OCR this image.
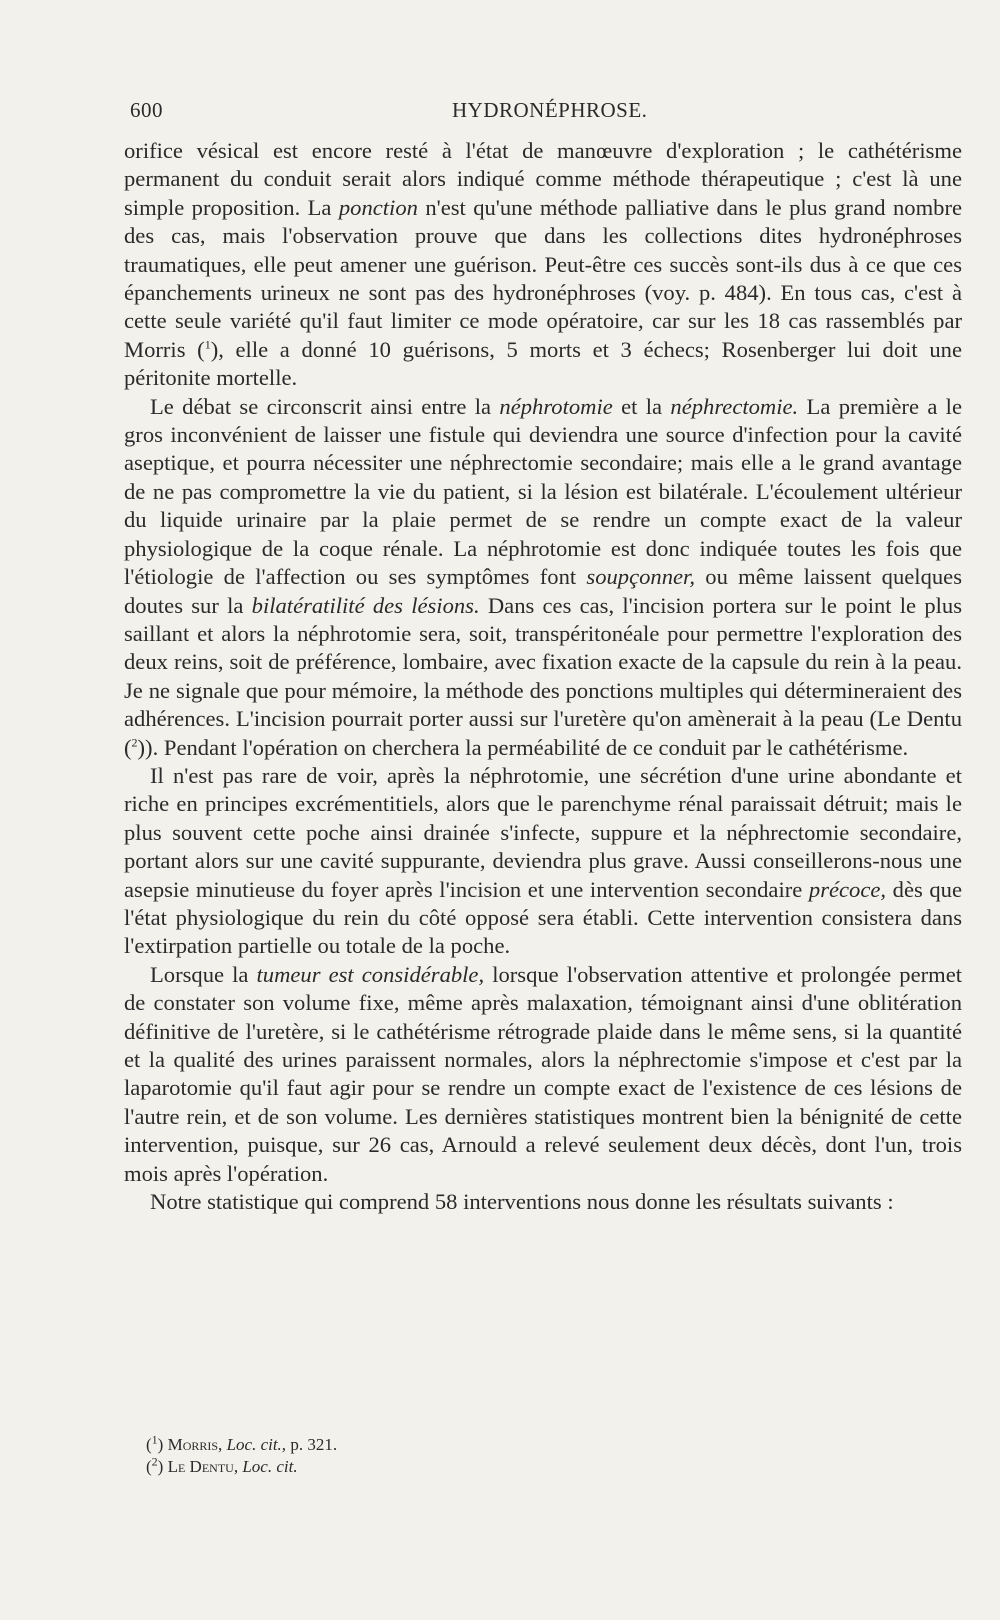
600	HYDRONÉPHROSE.

orifice vésical est encore resté à l'état de manœuvre d'exploration ; le cathétérisme permanent du conduit serait alors indiqué comme méthode thérapeutique ; c'est là une simple proposition. La ponction n'est qu'une méthode palliative dans le plus grand nombre des cas, mais l'observation prouve que dans les collections dites hydronéphroses traumatiques, elle peut amener une guérison. Peut-être ces succès sont-ils dus à ce que ces épanchements urineux ne sont pas des hydronéphroses (voy. p. 484). En tous cas, c'est à cette seule variété qu'il faut limiter ce mode opératoire, car sur les 18 cas rassemblés par Morris ($^1$), elle a donné 10 guérisons, 5 morts et 3 échecs; Rosenberger lui doit une péritonite mortelle.

Le débat se circonscrit ainsi entre la néphrotomie et la néphrectomie. La première a le gros inconvénient de laisser une fistule qui deviendra une source d'infection pour la cavité aseptique, et pourra nécessiter une néphrectomie secondaire; mais elle a le grand avantage de ne pas compromettre la vie du patient, si la lésion est bilatérale. L'écoulement ultérieur du liquide urinaire par la plaie permet de se rendre un compte exact de la valeur physiologique de la coque rénale. La néphrotomie est donc indiquée toutes les fois que l'étiologie de l'affection ou ses symptômes font soupçonner, ou même laissent quelques doutes sur la bilatératilité des lésions. Dans ces cas, l'incision portera sur le point le plus saillant et alors la néphrotomie sera, soit, transpéritonéale pour permettre l'exploration des deux reins, soit de préférence, lombaire, avec fixation exacte de la capsule du rein à la peau. Je ne signale que pour mémoire, la méthode des ponctions multiples qui détermineraient des adhérences. L'incision pourrait porter aussi sur l'uretère qu'on amènerait à la peau (Le Dentu ($^2$)). Pendant l'opération on cherchera la perméabilité de ce conduit par le cathétérisme.

Il n'est pas rare de voir, après la néphrotomie, une sécrétion d'une urine abondante et riche en principes excrémentitiels, alors que le parenchyme rénal paraissait détruit; mais le plus souvent cette poche ainsi drainée s'infecte, suppure et la néphrectomie secondaire, portant alors sur une cavité suppurante, deviendra plus grave. Aussi conseillerons-nous une asepsie minutieuse du foyer après l'incision et une intervention secondaire précoce, dès que l'état physiologique du rein du côté opposé sera établi. Cette intervention consistera dans l'extirpation partielle ou totale de la poche.

Lorsque la tumeur est considérable, lorsque l'observation attentive et prolongée permet de constater son volume fixe, même après malaxation, témoignant ainsi d'une oblitération définitive de l'uretère, si le cathétérisme rétrograde plaide dans le même sens, si la quantité et la qualité des urines paraissent normales, alors la néphrectomie s'impose et c'est par la laparotomie qu'il faut agir pour se rendre un compte exact de l'existence de ces lésions de l'autre rein, et de son volume. Les dernières statistiques montrent bien la bénignité de cette intervention, puisque, sur 26 cas, Arnould a relevé seulement deux décès, dont l'un, trois mois après l'opération.

Notre statistique qui comprend 58 interventions nous donne les résultats suivants :

($^1$) Morris, Loc. cit., p. 321.

($^2$) Le Dentu, Loc. cit.
